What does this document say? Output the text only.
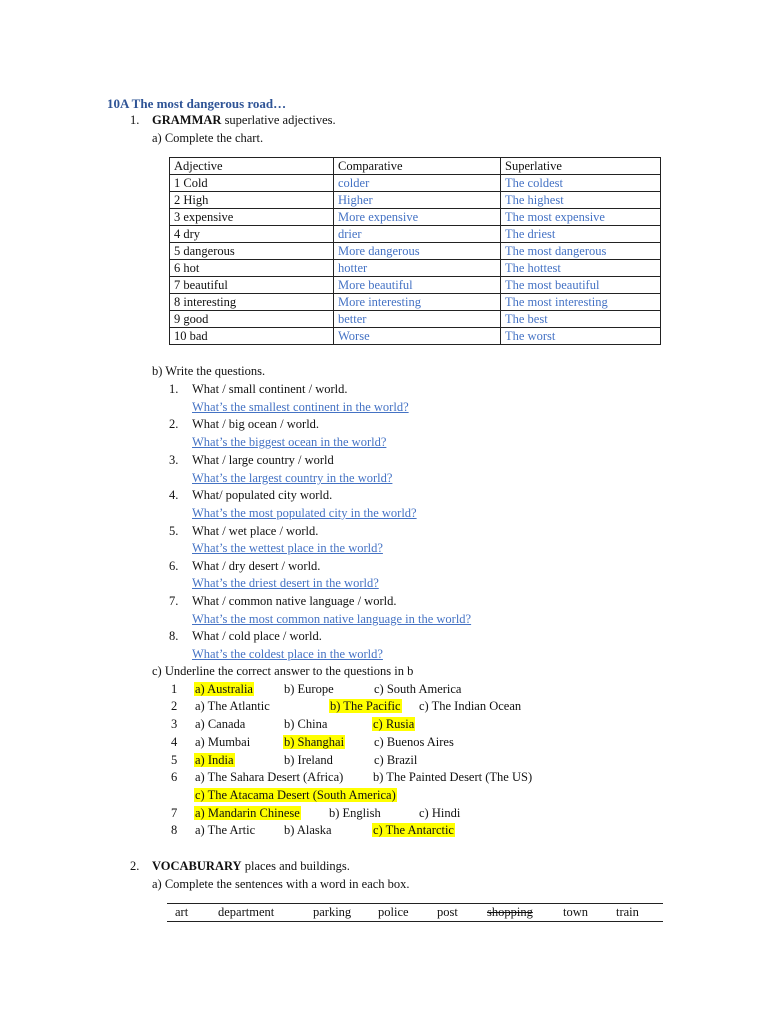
10A The most dangerous road…
1. GRAMMAR superlative adjectives.
a) Complete the chart.
Adjective	Comparative	Superlative
1 Cold	colder	The coldest
2 High	Higher	The highest
3 expensive	More expensive	The most expensive
4 dry	drier	The driest
5 dangerous	More dangerous	The most dangerous
6 hot	hotter	The hottest
7 beautiful	More beautiful	The most beautiful
8 interesting	More interesting	The most interesting
9 good	better	The best
10 bad	Worse	The worst
b) Write the questions.
1. What / small continent / world.
What’s the smallest continent in the world?
2. What / big ocean / world.
What’s the biggest ocean in the world?
3. What / large country / world
What’s the largest country in the world?
4. What/ populated city world.
What’s the most populated city in the world?
5. What / wet place / world.
What’s the wettest place in the world?
6. What / dry desert / world.
What’s the driest desert in the world?
7. What / common native language / world.
What’s the most common native language in the world?
8. What / cold place / world.
What’s the coldest place in the world?
c) Underline the correct answer to the questions in b
1 a) Australia b) Europe	c) South America
2 a) The Atlantic	b) The Pacific c) The Indian Ocean
3 a) Canada	b) China	c) Rusia
4 a) Mumbai	b) Shanghai c) Buenos Aires
5 a) India	b) Ireland	c) Brazil
6 a) The Sahara Desert (Africa) b) The Painted Desert (The US)
c) The Atacama Desert (South America)
7 a) Mandarin Chinese b) English	c) Hindi
8 a) The Artic b) Alaska	c) The Antarctic
2. VOCABURARY places and buildings.
a) Complete the sentences with a word in each box.
art department	parking police post shopping town train
